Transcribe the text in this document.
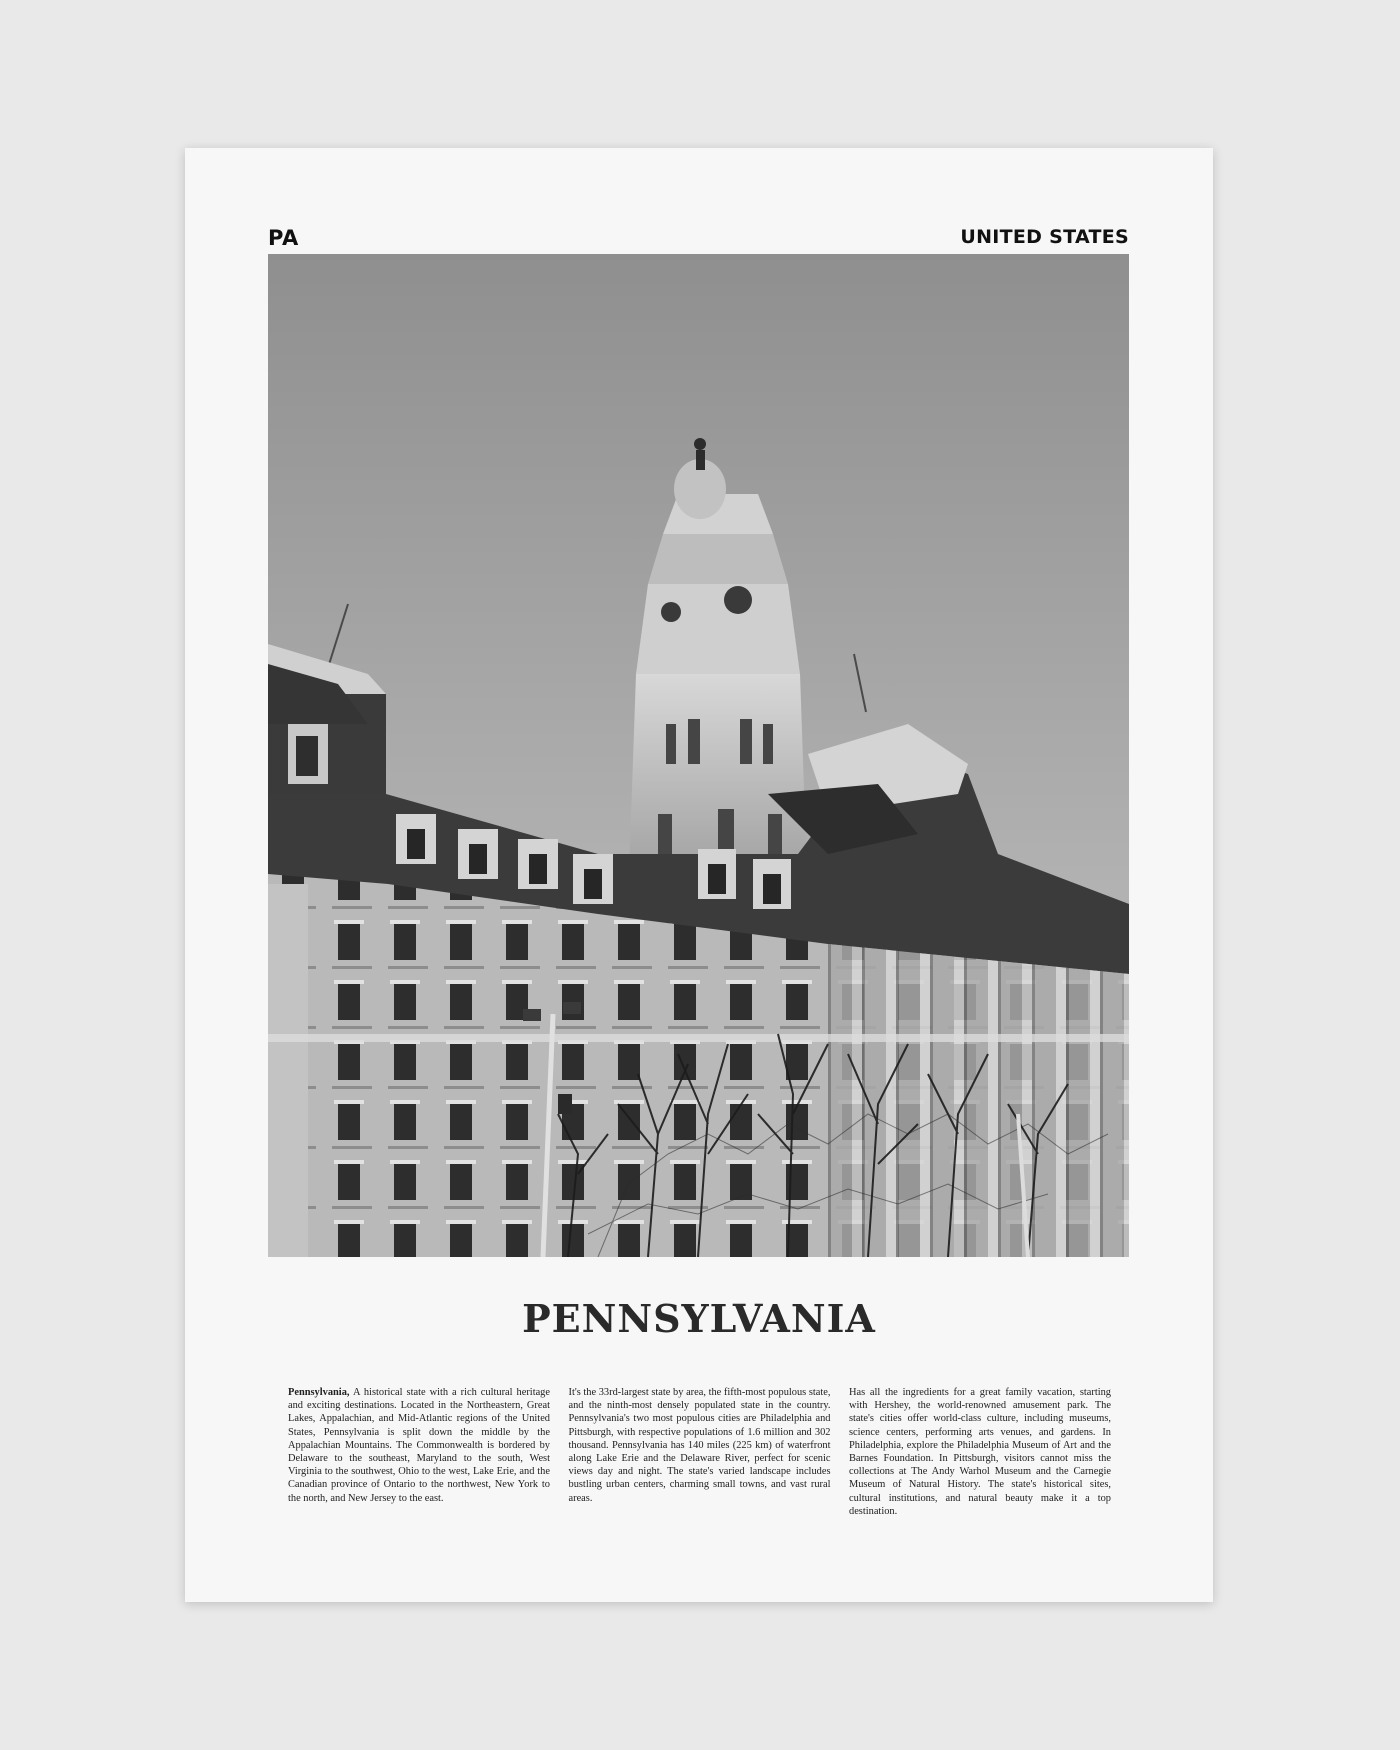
PA	UNITED STATES
PENNSYLVANIA
Pennsylvania, A historical state with a rich cultural heritage and exciting destinations. Located in the Northeastern, Great Lakes, Appalachian, and Mid-Atlantic regions of the United States, Pennsylvania is split down the middle by the Appalachian Mountains. The Commonwealth is bordered by Delaware to the southeast, Maryland to the south, West Virginia to the southwest, Ohio to the west, Lake Erie, and the Canadian province of Ontario to the northwest, New York to the north, and New Jersey to the east.
It's the 33rd-largest state by area, the fifth-most populous state, and the ninth-most densely populated state in the country. Pennsylvania's two most populous cities are Philadelphia and Pittsburgh, with respective populations of 1.6 million and 302 thousand. Pennsylvania has 140 miles (225 km) of waterfront along Lake Erie and the Delaware River, perfect for scenic views day and night. The state's varied landscape includes bustling urban centers, charming small towns, and vast rural areas.
Has all the ingredients for a great family vacation, starting with Hershey, the world-renowned amusement park. The state's cities offer world-class culture, including museums, science centers, performing arts venues, and gardens. In Philadelphia, explore the Philadelphia Museum of Art and the Barnes Foundation. In Pittsburgh, visitors cannot miss the collections at The Andy Warhol Museum and the Carnegie Museum of Natural History. The state's historical sites, cultural institutions, and natural beauty make it a top destination.
